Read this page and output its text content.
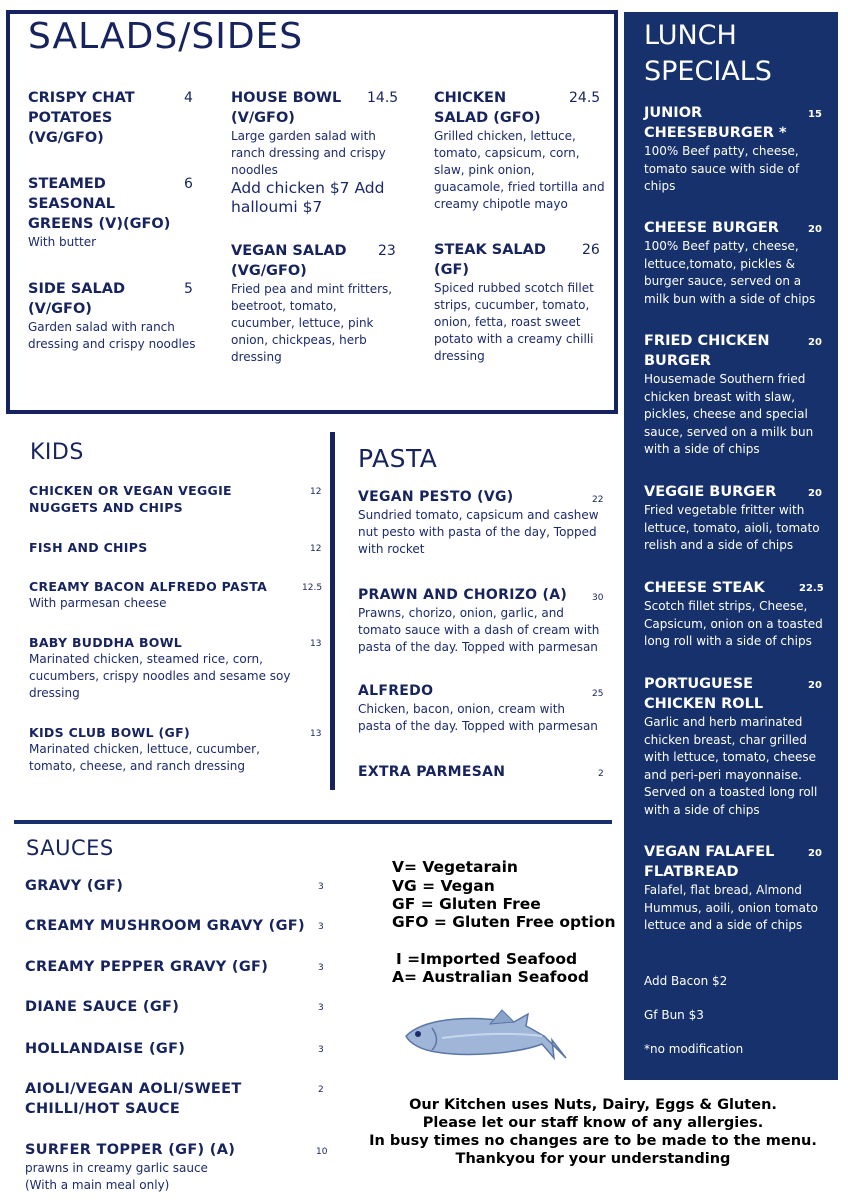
SALADS/SIDES
CRISPY CHAT POTATOES (VG/GFO)
4
STEAMED SEASONAL GREENS (V)(GFO)
With butter
6
SIDE SALAD (V/GFO)
Garden salad with ranch dressing and crispy noodles
5
HOUSE BOWL (V/GFO)
Large garden salad with ranch dressing and crispy noodles
Add chicken $7 Add halloumi $7
14.5
VEGAN SALAD (VG/GFO)
Fried pea and mint fritters, beetroot, tomato, cucumber, lettuce, pink onion, chickpeas, herb dressing
23
CHICKEN SALAD (GFO)
Grilled chicken, lettuce, tomato, capsicum, corn, slaw, pink onion, guacamole, fried tortilla and creamy chipotle mayo
24.5
STEAK SALAD (GF)
Spiced rubbed scotch fillet strips, cucumber, tomato, onion, fetta, roast sweet potato with a creamy chilli dressing
26
LUNCH
SPECIALS
JUNIOR CHEESEBURGER *
100% Beef patty, cheese, tomato sauce with side of chips
15
CHEESE BURGER
100% Beef patty, cheese, lettuce,tomato, pickles & burger sauce, served on a milk bun with a side of chips
20
FRIED CHICKEN BURGER
Housemade Southern fried chicken breast with slaw, pickles, cheese and special sauce, served on a milk bun with a side of chips
20
VEGGIE BURGER
Fried vegetable fritter with lettuce, tomato, aioli, tomato relish and a side of chips
20
CHEESE STEAK
Scotch fillet strips, Cheese, Capsicum, onion on a toasted long roll with a side of chips
22.5
PORTUGUESE CHICKEN ROLL
Garlic and herb marinated chicken breast, char grilled with lettuce, tomato, cheese and peri-peri mayonnaise. Served on a toasted long roll with a side of chips
20
VEGAN FALAFEL FLATBREAD
Falafel, flat bread, Almond Hummus, aoili, onion tomato lettuce and a side of chips
20
Add Bacon $2
Gf Bun $3
*no modification
KIDS
CHICKEN OR VEGAN VEGGIE NUGGETS AND CHIPS
12
FISH AND CHIPS	12
CREAMY BACON ALFREDO PASTA
With parmesan cheese
12.5
BABY BUDDHA BOWL
Marinated chicken, steamed rice, corn, cucumbers, crispy noodles and sesame soy dressing
13
KIDS CLUB BOWL (GF)
Marinated chicken, lettuce, cucumber, tomato, cheese, and ranch dressing
13
PASTA
VEGAN PESTO (VG)
Sundried tomato, capsicum and cashew nut pesto with pasta of the day, Topped with rocket
22
PRAWN AND CHORIZO (A)
Prawns, chorizo, onion, garlic, and tomato sauce with a dash of cream with pasta of the day. Topped with parmesan
30
ALFREDO
Chicken, bacon, onion, cream with pasta of the day. Topped with parmesan
25
EXTRA PARMESAN	2
SAUCES
GRAVY (GF)	3
CREAMY MUSHROOM GRAVY (GF)	3
CREAMY PEPPER GRAVY (GF)	3
DIANE SAUCE (GF)	3
HOLLANDAISE (GF)	3
AIOLI/VEGAN AOLI/SWEET CHILLI/HOT SAUCE
2
SURFER TOPPER (GF) (A)
prawns in creamy garlic sauce (With a main meal only)
10
V= Vegetarain
VG = Vegan
GF = Gluten Free
GFO = Gluten Free option
I =Imported Seafood
A= Australian Seafood
Our Kitchen uses Nuts, Dairy, Eggs & Gluten.
Please let our staff know of any allergies.
In busy times no changes are to be made to the menu.
Thankyou for your understanding
